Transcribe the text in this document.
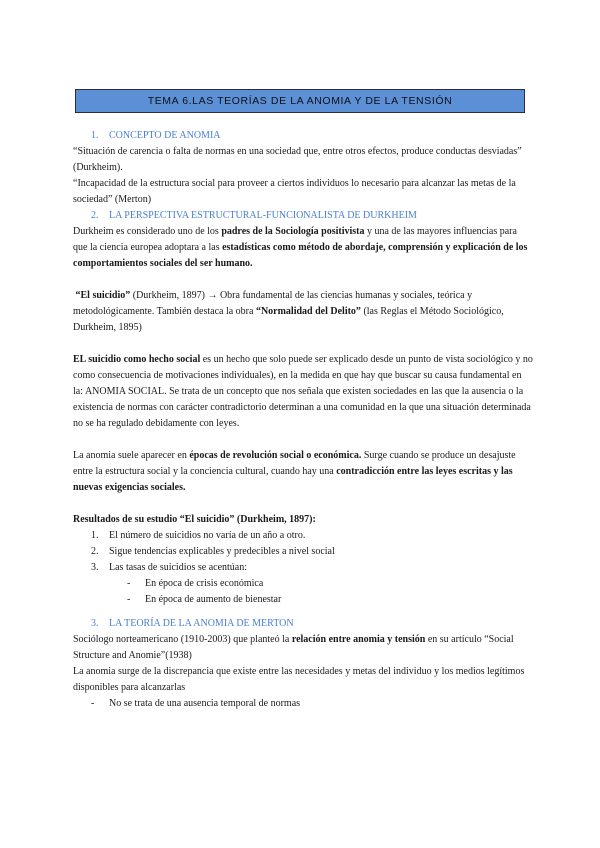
TEMA 6.LAS TEORÍAS DE LA ANOMIA Y DE LA TENSIÓN
1. CONCEPTO DE ANOMIA

“Situación de carencia o falta de normas en una sociedad que, entre otros efectos, produce conductas desviadas” (Durkheim).

“Incapacidad de la estructura social para proveer a ciertos individuos lo necesario para alcanzar las metas de la sociedad” (Merton)

2. LA PERSPECTIVA ESTRUCTURAL-FUNCIONALISTA DE DURKHEIM

Durkheim es considerado uno de los padres de la Sociología positivista y una de las mayores influencias para que la ciencia europea adoptara a las estadísticas como método de abordaje, comprensión y explicación de los comportamientos sociales del ser humano.

“El suicidio” (Durkheim, 1897) → Obra fundamental de las ciencias humanas y sociales, teórica y metodológicamente. También destaca la obra “Normalidad del Delito” (las Reglas el Método Sociológico, Durkheim, 1895)

EL suicidio como hecho social es un hecho que solo puede ser explicado desde un punto de vista sociológico y no como consecuencia de motivaciones individuales), en la medida en que hay que buscar su causa fundamental en la: ANOMIA SOCIAL. Se trata de un concepto que nos señala que existen sociedades en las que la ausencia o la existencia de normas con carácter contradictorio determinan a una comunidad en la que una situación determinada no se ha regulado debidamente con leyes.

La anomia suele aparecer en épocas de revolución social o económica. Surge cuando se produce un desajuste entre la estructura social y la conciencia cultural, cuando hay una contradicción entre las leyes escritas y las nuevas exigencias sociales.

Resultados de su estudio “El suicidio” (Durkheim, 1897):

1. El número de suicidios no varía de un año a otro.
2. Sigue tendencias explicables y predecibles a nivel social
3. Las tasas de suicidios se acentúan:
- En época de crisis económica
- En época de aumento de bienestar
3. LA TEORÍA DE LA ANOMIA DE MERTON

Sociólogo norteamericano (1910-2003) que planteó la relación entre anomia y tensión en su artículo “Social Structure and Anomie”(1938)

La anomia surge de la discrepancia que existe entre las necesidades y metas del individuo y los medios legítimos disponibles para alcanzarlas

- No se trata de una ausencia temporal de normas
